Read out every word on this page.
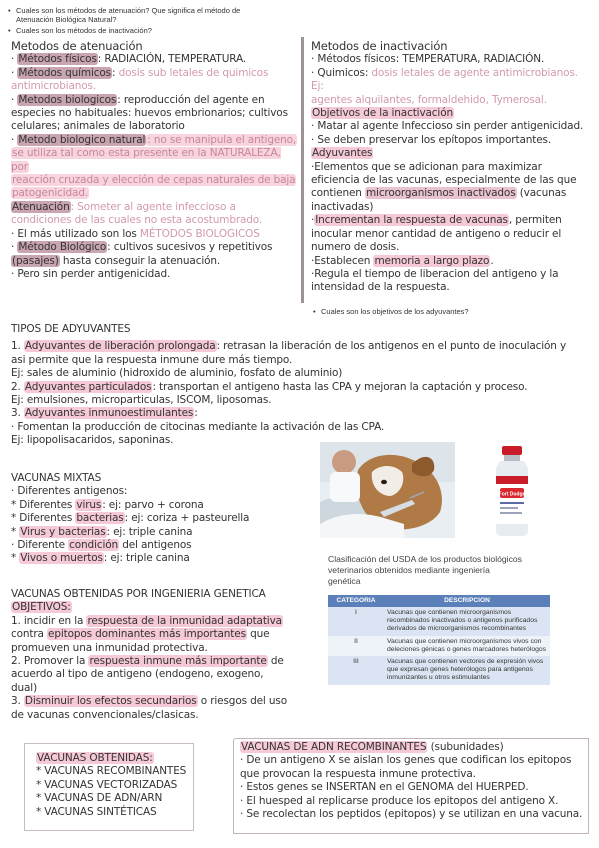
• Cuales son los métodos de atenuación? Que significa el método de
Atenuación Biológica Natural?
• Cuales son los métodos de inactivación?

Metodos de atenuación

· Métodos físicos: RADIACIÓN, TEMPERATURA.

· Métodos químicos: dosis sub letales de quimicos

antimicrobianos.

· Metodos biologicos: reproducción del agente en

especies no habituales: huevos embrionarios; cultivos

celulares; animales de laboratorio

· Metodo biologico natural : no se manipula el antigeno,

se utiliza tal como esta presente en la NATURALEZA, por

reacción cruzada y elección de cepas naturales de baja

patogenicidad.

Atenuación: Someter al agente infeccioso a

condiciones de las cuales no esta acostumbrado.

· El más utilizado son los MÉTODOS BIOLOGICOS

· Método Biológico: cultivos sucesivos y repetitivos

(pasajes) hasta conseguir la atenuación.

· Pero sin perder antigenicidad.

Metodos de inactivación

· Métodos físicos: TEMPERATURA, RADIACIÓN.

· Quimicos: dosis letales de agente antimicrobianos. Ej:

agentes alquilantes, formaldehido, Tymerosal.

Objetivos de la inactivación

· Matar al agente Infeccioso sin perder antigenicidad.

· Se deben preservar los epítopos importantes.

Adyuvantes

·Elementos que se adicionan para maximizar

eficiencia de las vacunas, especialmente de las que

contienen microorganismos inactivados (vacunas

inactivadas)

·Incrementan la respuesta de vacunas, permiten

inocular menor cantidad de antigeno o reducir el

numero de dosis.

·Establecen memoria a largo plazo.

·Regula el tiempo de liberacion del antigeno y la

intensidad de la respuesta.

• Cuales son los objetivos de los adyuvantes?

TIPOS DE ADYUVANTES

1. Adyuvantes de liberación prolongada: retrasan la liberación de los antigenos en el punto de inoculación y

asi permite que la respuesta inmune dure más tiempo.

Ej: sales de aluminio (hidroxido de aluminio, fosfato de aluminio)

2. Adyuvantes particulados: transportan el antigeno hasta las CPA y mejoran la captación y proceso.

Ej: emulsiones, microparticulas, ISCOM, liposomas.

3. Adyuvantes inmunoestimulantes:

· Fomentan la producción de citocinas mediante la activación de las CPA.

Ej: lipopolisacaridos, saponinas.

VACUNAS MIXTAS

· Diferentes antigenos:

* Diferentes virus: ej: parvo + corona

* Diferentes bacterias: ej: coriza + pasteurella

* Virus y bacterias: ej: triple canina

· Diferente condición del antigenos

* Vivos o muertos: ej: triple canina

Fort Dodge
Clasificación del USDA de los productos biológicos
veterinarios obtenidos mediante ingeniería
genética
CATEGORIA	DESCRIPCION
I	Vacunas que contienen microorganismos recombinados inactivados o antigenos purificados derivados de microorganismos recombinantes
II	Vacunas que contienen microorganismos vivos con deleciones génicas o genes marcadores heterólogos
III	Vacunas que contienen vectores de expresión vivos que expresan genes heterólogos para antigenos inmunizantes u otros estimulantes

VACUNAS OBTENIDAS POR INGENIERIA GENETICA

OBJETIVOS:

1. incidir en la respuesta de la inmunidad adaptativa

contra epitopos dominantes más importantes que

promueven una inmunidad protectiva.

2. Promover la respuesta inmune más importante de

acuerdo al tipo de antigeno (endogeno, exogeno,

dual)

3. Disminuir los efectos secundarios o riesgos del uso

de vacunas convencionales/clasicas.

VACUNAS OBTENIDAS:

* VACUNAS RECOMBINANTES

* VACUNAS VECTORIZADAS

* VACUNAS DE ADN/ARN

* VACUNAS SINTÉTICAS

VACUNAS DE ADN RECOMBINANTES (subunidades)

· De un antigeno X se aislan los genes que codifican los epitopos

que provocan la respuesta inmune protectiva.

· Estos genes se INSERTAN en el GENOMA del HUERPED.

· El huesped al replicarse produce los epitopos del antigeno X.

· Se recolectan los peptidos (epitopos) y se utilizan en una vacuna.
